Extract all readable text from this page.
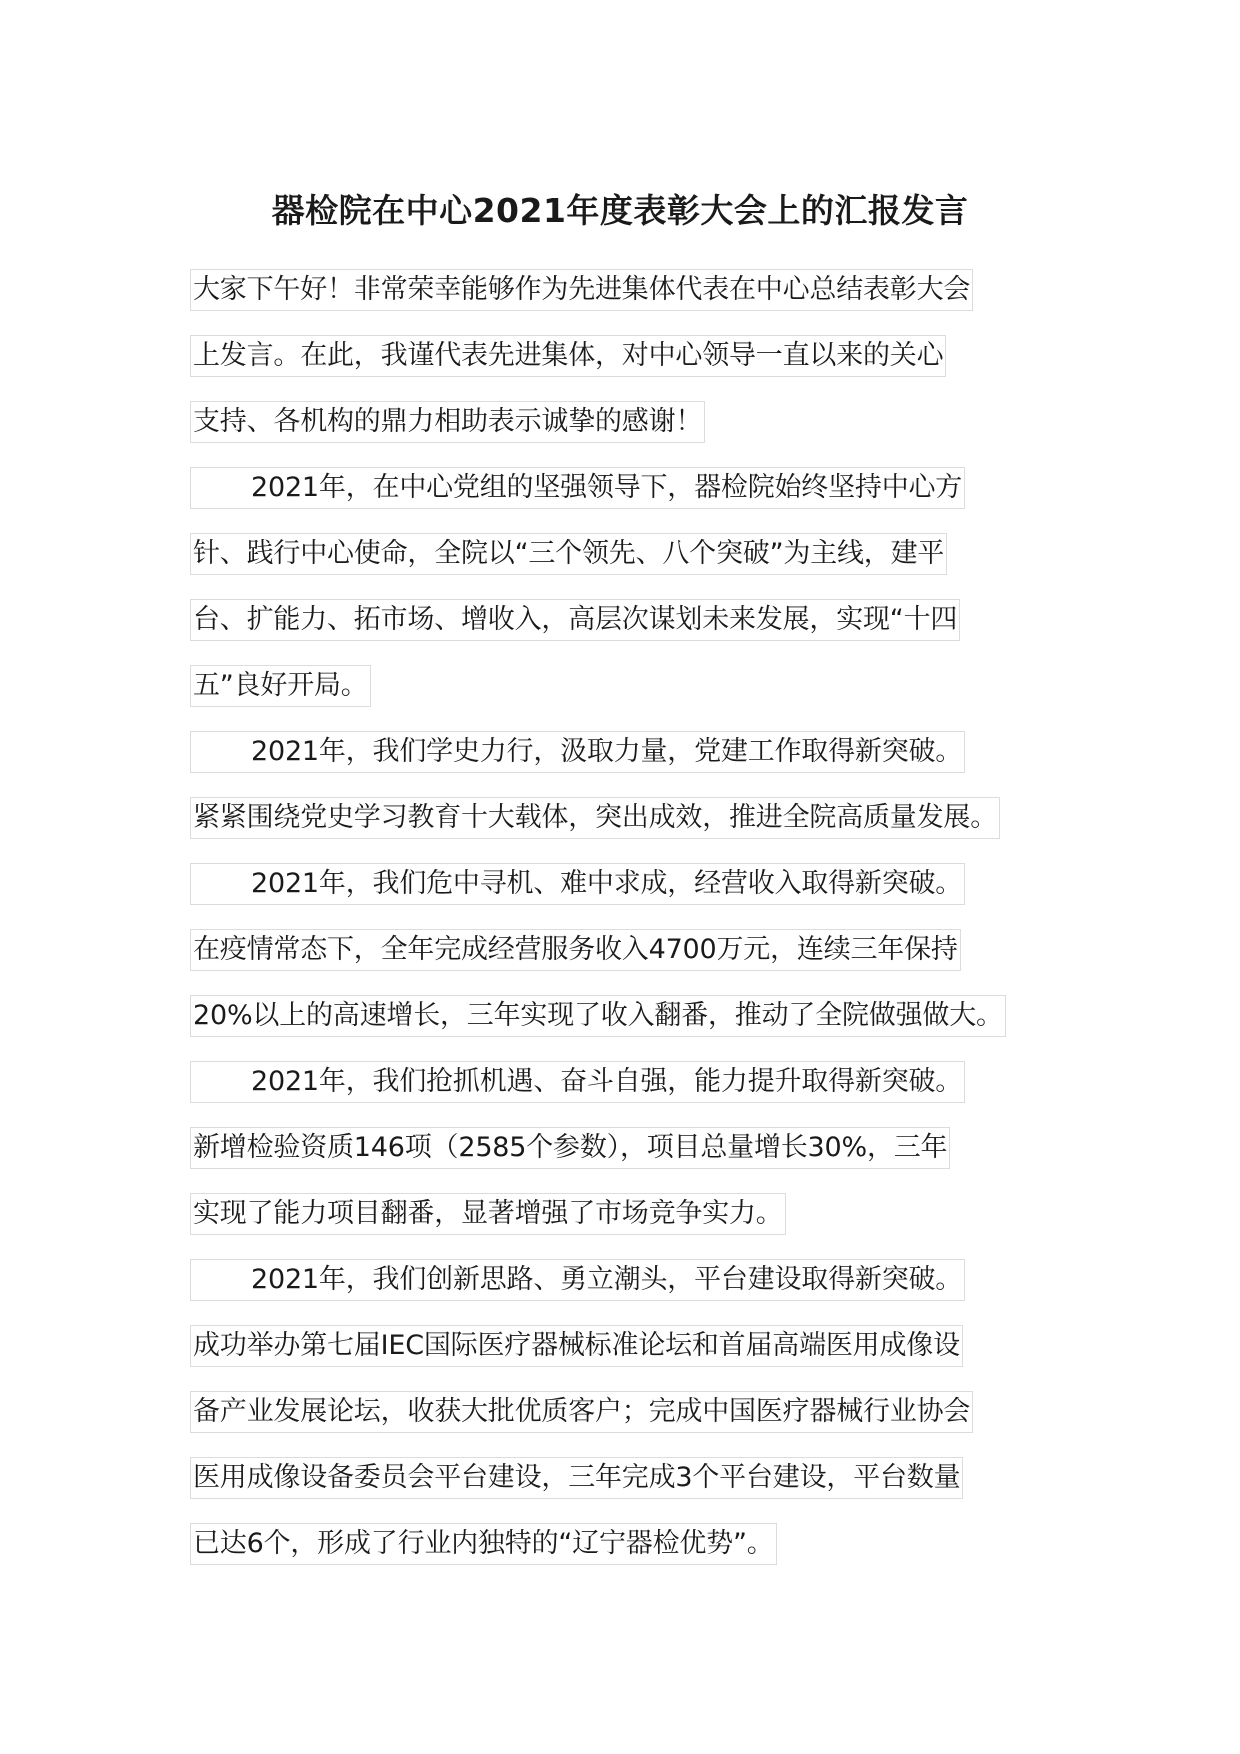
器检院在中心2021年度表彰大会上的汇报发言
大家下午好！非常荣幸能够作为先进集体代表在中心总结表彰大会
上发言。在此，我谨代表先进集体，对中心领导一直以来的关心
支持、各机构的鼎力相助表示诚挚的感谢！
2021年，在中心党组的坚强领导下，器检院始终坚持中心方
针、践行中心使命，全院以“三个领先、八个突破”为主线，建平
台、扩能力、拓市场、增收入，高层次谋划未来发展，实现“十四
五”良好开局。
2021年，我们学史力行，汲取力量，党建工作取得新突破。
紧紧围绕党史学习教育十大载体，突出成效，推进全院高质量发展。
2021年，我们危中寻机、难中求成，经营收入取得新突破。
在疫情常态下，全年完成经营服务收入4700万元，连续三年保持
20%以上的高速增长，三年实现了收入翻番，推动了全院做强做大。
2021年，我们抢抓机遇、奋斗自强，能力提升取得新突破。
新增检验资质146项（2585个参数），项目总量增长30%，三年
实现了能力项目翻番，显著增强了市场竞争实力。
2021年，我们创新思路、勇立潮头，平台建设取得新突破。
成功举办第七届IEC国际医疗器械标准论坛和首届高端医用成像设
备产业发展论坛，收获大批优质客户；完成中国医疗器械行业协会
医用成像设备委员会平台建设，三年完成3个平台建设，平台数量
已达6个，形成了行业内独特的“辽宁器检优势”。
